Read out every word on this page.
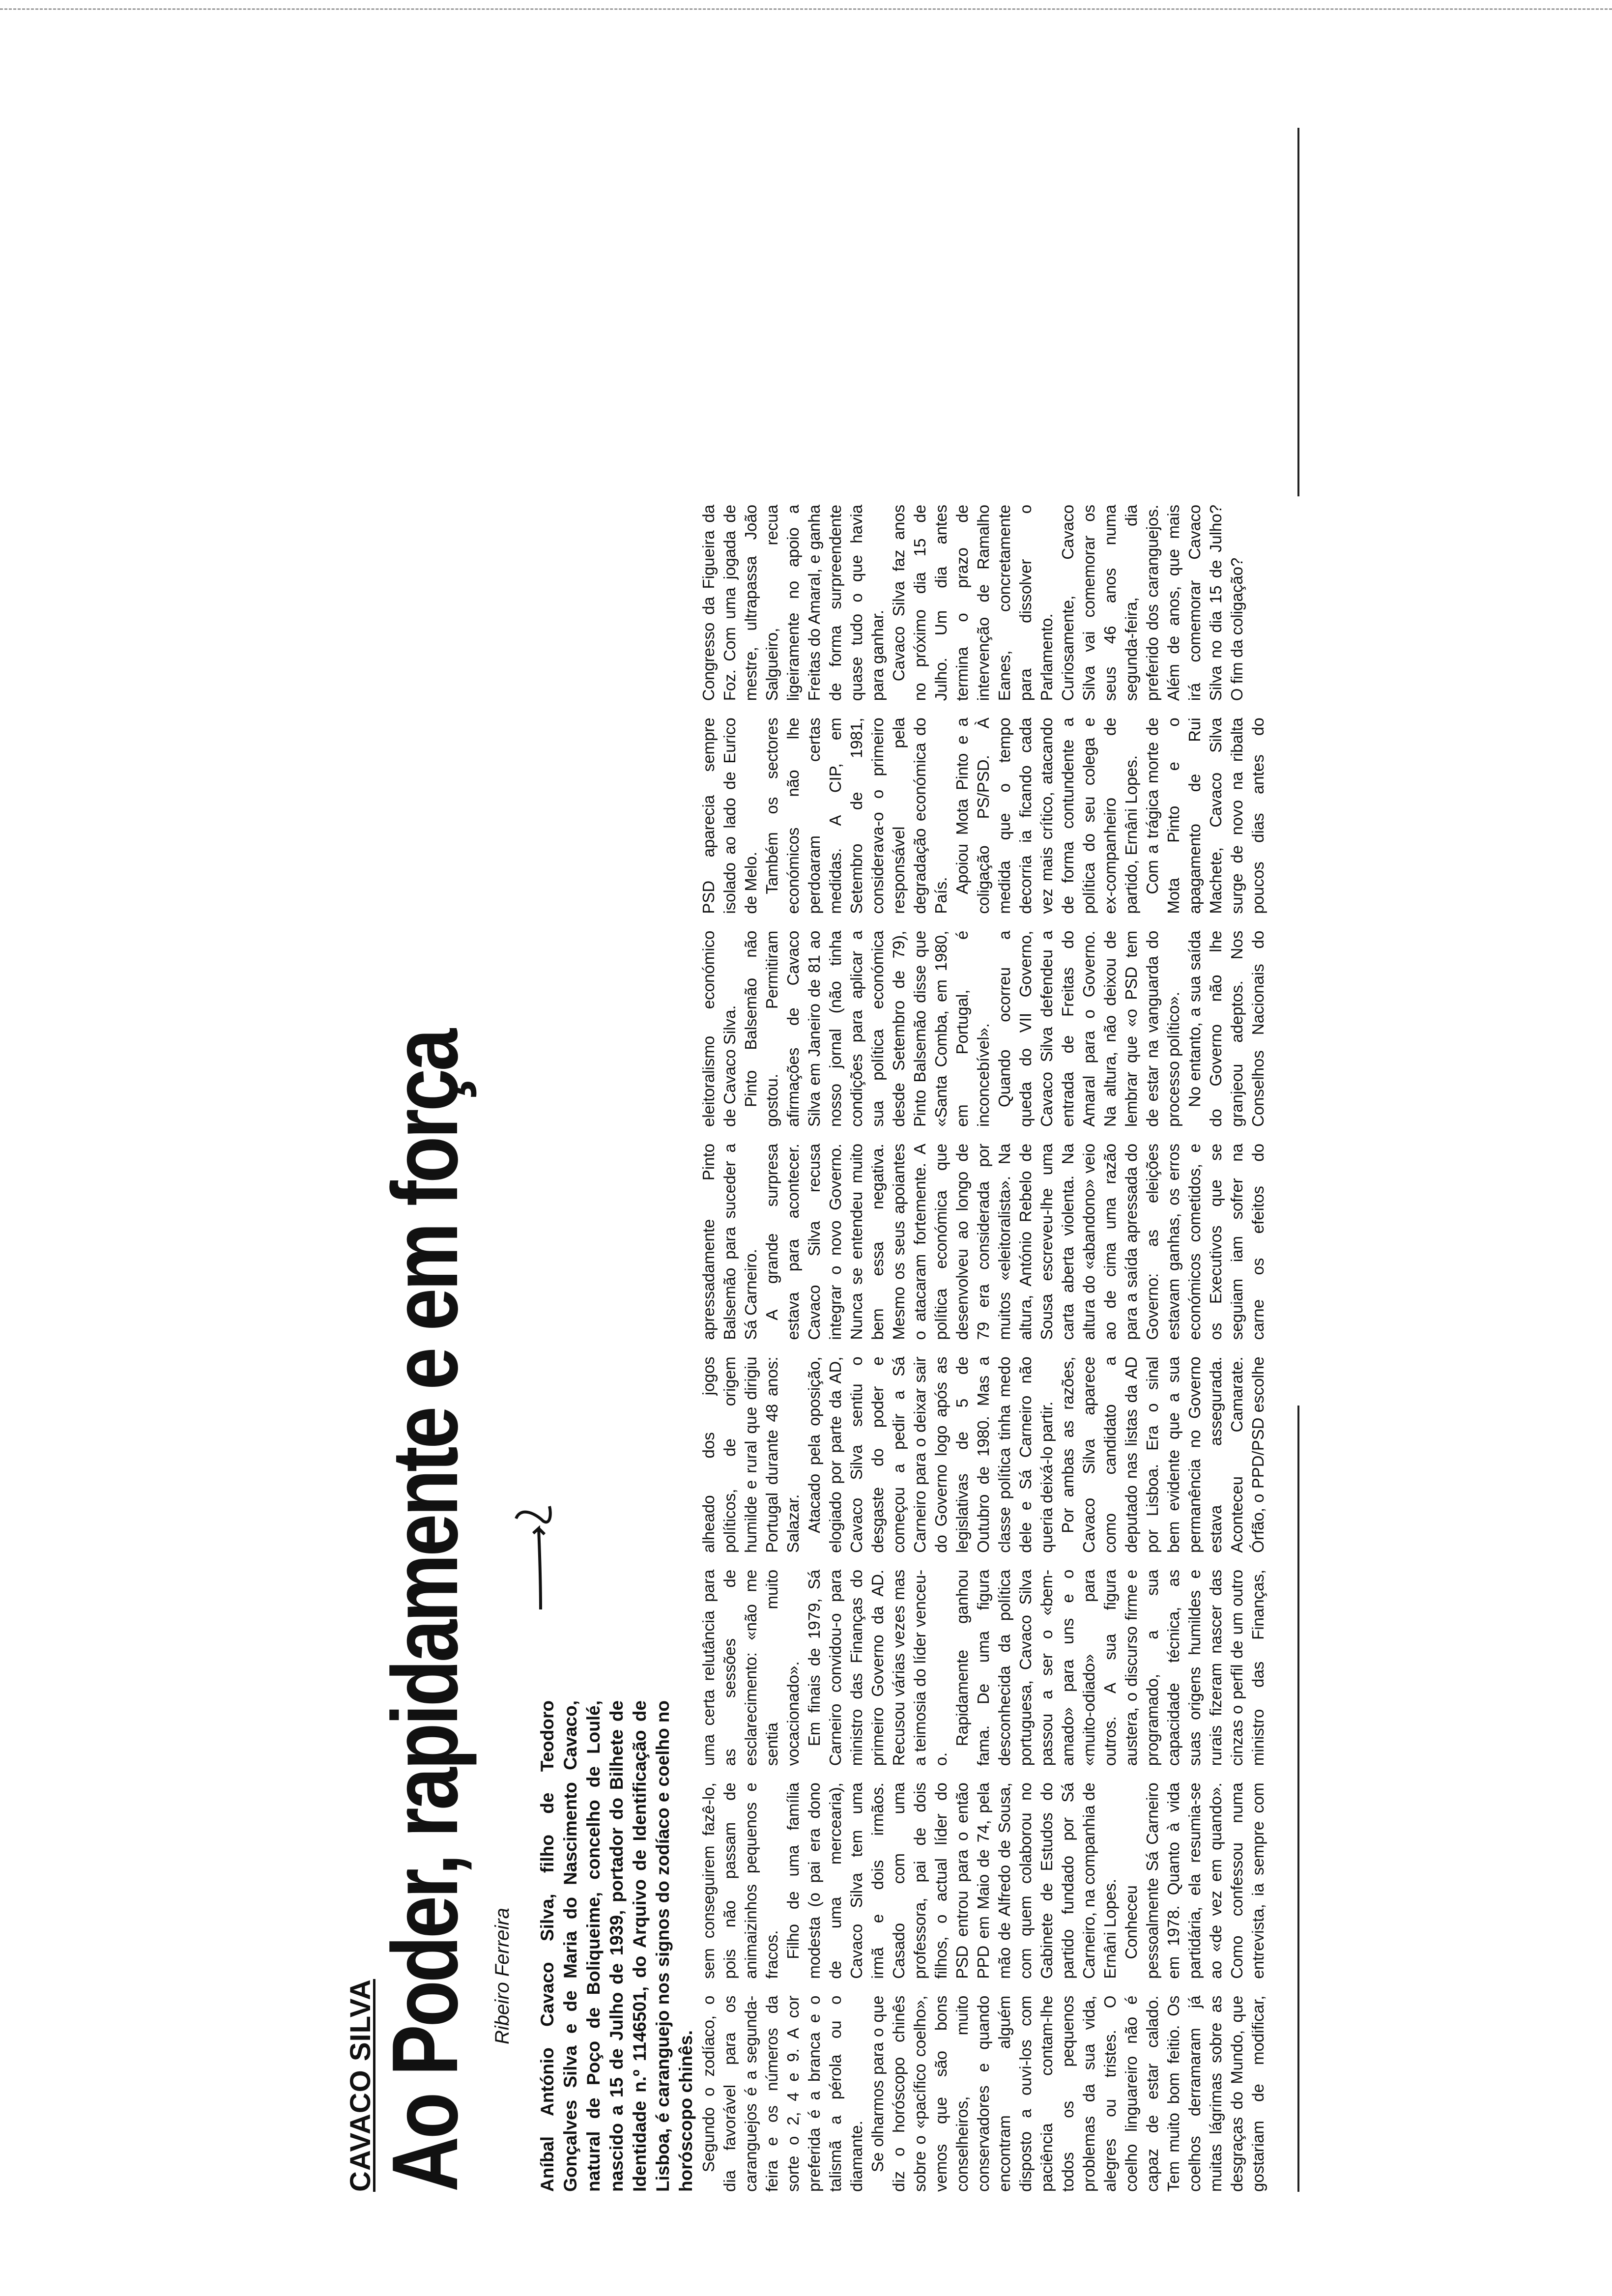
CAVACO SILVA
Ao Poder, rapidamente e em força Ribeiro Ferreira Aníbal António Cavaco Silva, filho de Teodoro Gonçalves Silva e de Maria do Nascimento Cavaco, natural de Poço de Boliqueime, concelho de Loulé, nascido a 15 de Julho de 1939, portador do Bilhete de Identidade n.º 1146501, do Arquivo de Identificação de Lisboa, é caranguejo nos signos do zodíaco e coelho no horóscopo chinês. Segundo o zodíaco, o dia favorável para os caranguejos é a segunda-feira e os números da sorte o 2, 4 e 9. A cor preferida é a branca e o talismã a pérola ou o diamante. Se olharmos para o que diz o horóscopo chinês sobre o «pacífico coelho», vemos que são bons conselheiros, muito conservadores e quando encontram alguém disposto a ouvi-los com paciência contam-lhe todos os pequenos problemas da sua vida, alegres ou tristes. O coelho linguareiro não é capaz de estar calado. Tem muito bom feitio. Os coelhos derramaram já muitas lágrimas sobre as desgraças do Mundo, que gostariam de modificar, sem conseguirem fazê-lo, pois não passam de animaizinhos pequenos e fracos. Filho de uma família modesta (o pai era dono de uma mercearia), Cavaco Silva tem uma irmã e dois irmãos. Casado com uma professora, pai de dois filhos, o actual líder do PSD entrou para o então PPD em Maio de 74, pela mão de Alfredo de Sousa, com quem colaborou no Gabinete de Estudos do partido fundado por Sá Carneiro, na companhia de Ernâni Lopes. Conheceu pessoalmente Sá Carneiro em 1978. Quanto à vida partidária, ela resumia-se ao «de vez em quando». Como confessou numa entrevista, ia sempre com uma certa relutância para as sessões de esclarecimento: «não me sentia muito vocacionado». Em finais de 1979, Sá Carneiro convidou-o para ministro das Finanças do primeiro Governo da AD. Recusou várias vezes mas a teimosia do líder venceu-o.

Rapidamente ganhou fama. De uma figura desconhecida da política portuguesa, Cavaco Silva passou a ser o «bem-amado» para uns e o «muito-odiado» para outros. A sua figura austera, o discurso firme e programado, a sua capacidade técnica, as suas origens humildes e rurais fizeram nascer das cinzas o perfil de um outro ministro das Finanças, alheado dos jogos políticos, de origem humilde e rural que dirigiu Portugal durante 48 anos: Salazar. Atacado pela oposição, elogiado por parte da AD, Cavaco Silva sentiu o desgaste do poder e começou a pedir a Sá Carneiro para o deixar sair do Governo logo após as legislativas de 5 de Outubro de 1980. Mas a classe política tinha medo dele e Sá Carneiro não queria deixá-lo partir. Por ambas as razões, Cavaco Silva aparece como candidato a deputado nas listas da AD por Lisboa. Era o sinal bem evidente que a sua permanência no Governo estava assegurada. Aconteceu Camarate. Órfão, o PPD/PSD escolhe apressadamente Pinto Balsemão para suceder a Sá Carneiro. A grande surpresa estava para acontecer. Cavaco Silva recusa integrar o novo Governo. Nunca se entendeu muito bem essa negativa. Mesmo os seus apoiantes o atacaram fortemente. A política económica que desenvolveu ao longo de 79 era considerada por muitos «eleitoralista». Na altura, António Rebelo de Sousa escreveu-lhe uma carta aberta violenta. Na altura do «abandono» veio ao de cima uma razão para a saída apressada do Governo: as eleições estavam ganhas, os erros económicos cometidos, e os Executivos que se seguiam iam sofrer na carne os efeitos do eleitoralismo económico de Cavaco Silva. Pinto Balsemão não gostou. Permitiram afirmações de Cavaco Silva em Janeiro de 81 ao nosso jornal (não tinha condições para aplicar a sua política económica desde Setembro de 79), Pinto Balsemão disse que «Santa Comba, em 1980, em Portugal, é inconcebível». Quando ocorreu a queda do VII Governo, Cavaco Silva defendeu a entrada de Freitas do Amaral para o Governo. Na altura, não deixou de lembrar que «o PSD tem de estar na vanguarda do processo político». No entanto, a sua saída do Governo não lhe granjeou adeptos. Nos Conselhos Nacionais do PSD aparecia sempre isolado ao lado de Eurico de Melo. Também os sectores económicos não lhe perdoaram certas medidas. A CIP, em Setembro de 1981, considerava-o o primeiro responsável pela degradação económica do País.

Apoiou Mota Pinto e a coligação PS/PSD. À medida que o tempo decorria ia ficando cada vez mais crítico, atacando de forma contundente a política do seu colega e ex-companheiro de partido, Ernâni Lopes. Com a trágica morte de Mota Pinto e o apagamento de Rui Machete, Cavaco Silva surge de novo na ribalta poucos dias antes do Congresso da Figueira da Foz. Com uma jogada de mestre, ultrapassa João Salgueiro, recua ligeiramente no apoio a Freitas do Amaral, e ganha de forma surpreendente quase tudo o que havia para ganhar. Cavaco Silva faz anos no próximo dia 15 de Julho. Um dia antes termina o prazo de intervenção de Ramalho Eanes, concretamente para dissolver o Parlamento. Curiosamente, Cavaco Silva vai comemorar os seus 46 anos numa segunda-feira, dia preferido dos caranguejos. Além de anos, que mais irá comemorar Cavaco Silva no dia 15 de Julho? O fim da coligação?
